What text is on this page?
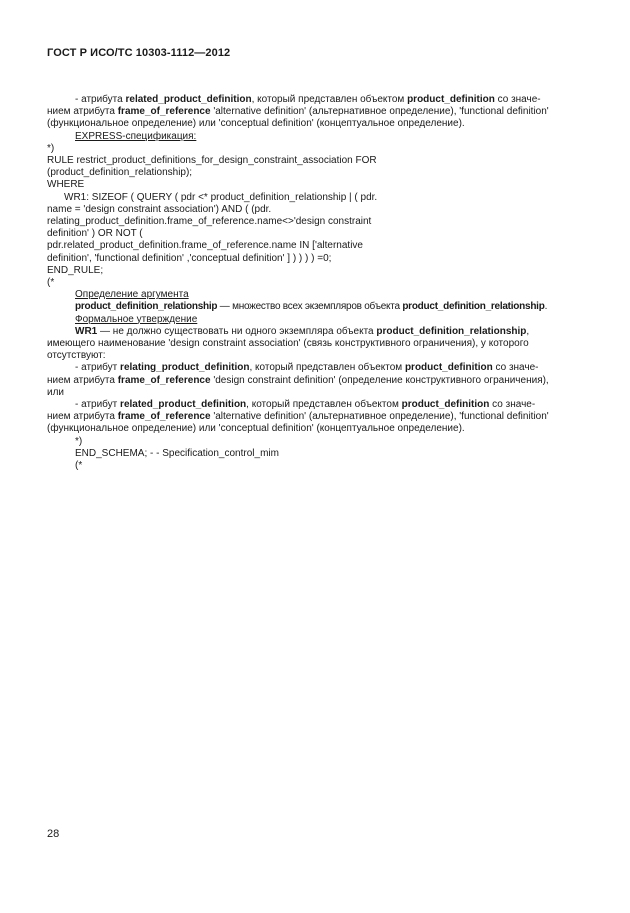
ГОСТ Р ИСО/ТС 10303-1112—2012

- атрибута related_product_definition, который представлен объектом product_definition со значе-
нием атрибута frame_of_reference 'alternative definition' (альтернативное определение), 'functional definition'
(функциональное определение) или 'conceptual definition' (концептуальное определение).

EXPRESS-спецификация:

*)
RULE restrict_product_definitions_for_design_constraint_association FOR
(product_definition_relationship);
WHERE
WR1: SIZEOF ( QUERY ( pdr <* product_definition_relationship | ( pdr.
name = 'design constraint association') AND ( (pdr.
relating_product_definition.frame_of_reference.name<>'design constraint
definition' ) OR NOT (
pdr.related_product_definition.frame_of_reference.name IN ['alternative
definition', 'functional definition' ,'conceptual definition' ] ) ) ) ) =0;
END_RULE;
(*

Определение аргумента

product_definition_relationship — множество всех экземпляров объекта product_definition_relationship.

Формальное утверждение

WR1 — не должно существовать ни одного экземпляра объекта product_definition_relationship,
имеющего наименование 'design constraint association' (связь конструктивного ограничения), у которого
отсутствуют:

- атрибут relating_product_definition, который представлен объектом product_definition со значе-
нием атрибута frame_of_reference 'design constraint definition' (определение конструктивного ограничения),
или

- атрибут related_product_definition, который представлен объектом product_definition со значе-
нием атрибута frame_of_reference 'alternative definition' (альтернативное определение), 'functional definition'
(функциональное определение) или 'conceptual definition' (концептуальное определение).

*)
END_SCHEMA; - - Specification_control_mim
(*
28
